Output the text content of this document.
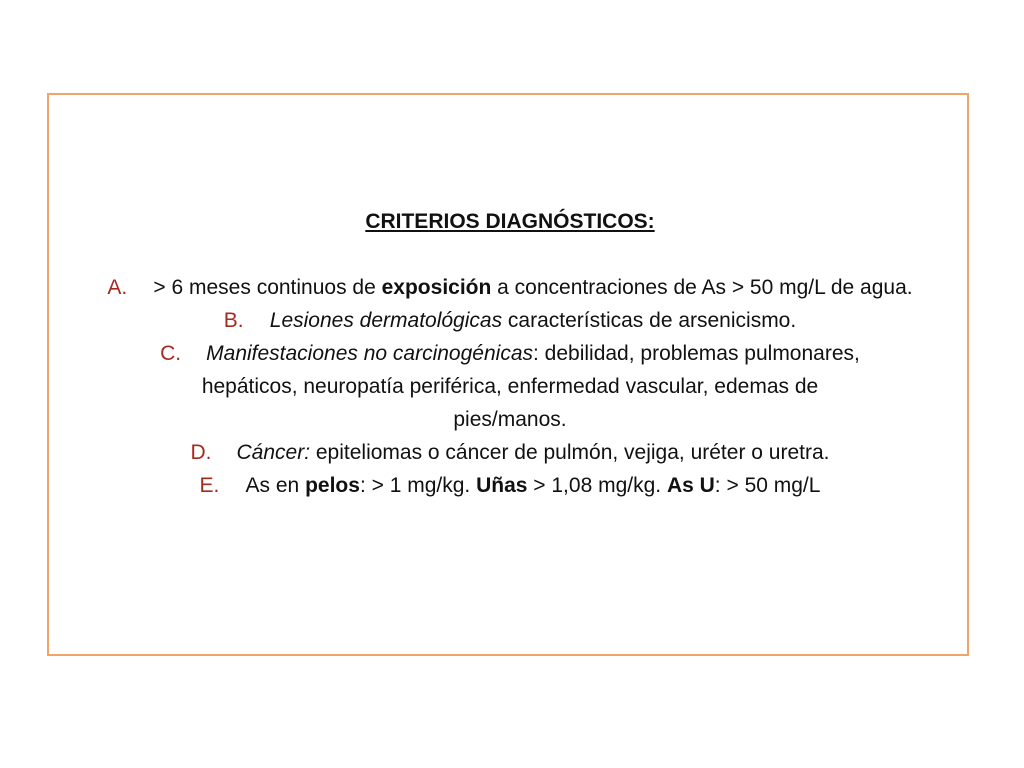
CRITERIOS DIAGNÓSTICOS:

A. > 6 meses continuos de exposición a concentraciones de As > 50 mg/L de agua.

B. Lesiones dermatológicas características de arsenicismo.

C. Manifestaciones no carcinogénicas: debilidad, problemas pulmonares,
hepáticos, neuropatía periférica, enfermedad vascular, edemas de
pies/manos.

D. Cáncer: epiteliomas o cáncer de pulmón, vejiga, uréter o uretra.

E. As en pelos: > 1 mg/kg. Uñas > 1,08 mg/kg. As U: > 50 mg/L
